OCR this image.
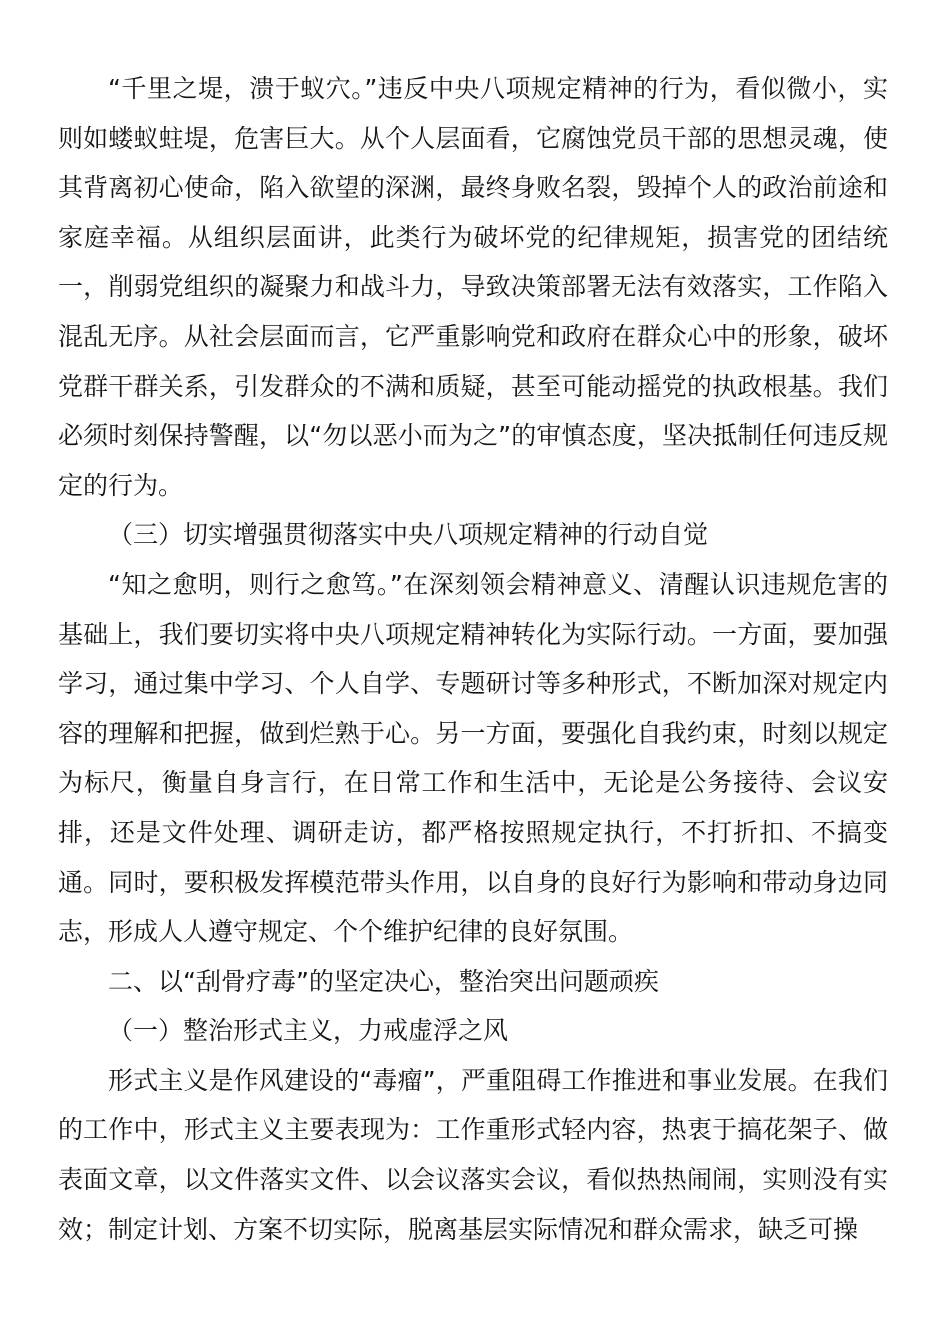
“千里之堤，溃于蚁穴。”违反中央八项规定精神的行为，看似微小，实则如蝼蚁蛀堤，危害巨大。从个人层面看，它腐蚀党员干部的思想灵魂，使其背离初心使命，陷入欲望的深渊，最终身败名裂，毁掉个人的政治前途和家庭幸福。从组织层面讲，此类行为破坏党的纪律规矩，损害党的团结统一，削弱党组织的凝聚力和战斗力，导致决策部署无法有效落实，工作陷入混乱无序。从社会层面而言，它严重影响党和政府在群众心中的形象，破坏党群干群关系，引发群众的不满和质疑，甚至可能动摇党的执政根基。我们必须时刻保持警醒，以“勿以恶小而为之”的审慎态度，坚决抵制任何违反规定的行为。

（三）切实增强贯彻落实中央八项规定精神的行动自觉

“知之愈明，则行之愈笃。”在深刻领会精神意义、清醒认识违规危害的基础上，我们要切实将中央八项规定精神转化为实际行动。一方面，要加强学习，通过集中学习、个人自学、专题研讨等多种形式，不断加深对规定内容的理解和把握，做到烂熟于心。另一方面，要强化自我约束，时刻以规定为标尺，衡量自身言行，在日常工作和生活中，无论是公务接待、会议安排，还是文件处理、调研走访，都严格按照规定执行，不打折扣、不搞变通。同时，要积极发挥模范带头作用，以自身的良好行为影响和带动身边同志，形成人人遵守规定、个个维护纪律的良好氛围。

二、以“刮骨疗毒”的坚定决心，整治突出问题顽疾

（一）整治形式主义，力戒虚浮之风

形式主义是作风建设的“毒瘤”，严重阻碍工作推进和事业发展。在我们的工作中，形式主义主要表现为：工作重形式轻内容，热衷于搞花架子、做表面文章，以文件落实文件、以会议落实会议，看似热热闹闹，实则没有实效；制定计划、方案不切实际，脱离基层实际情况和群众需求，缺乏可操
